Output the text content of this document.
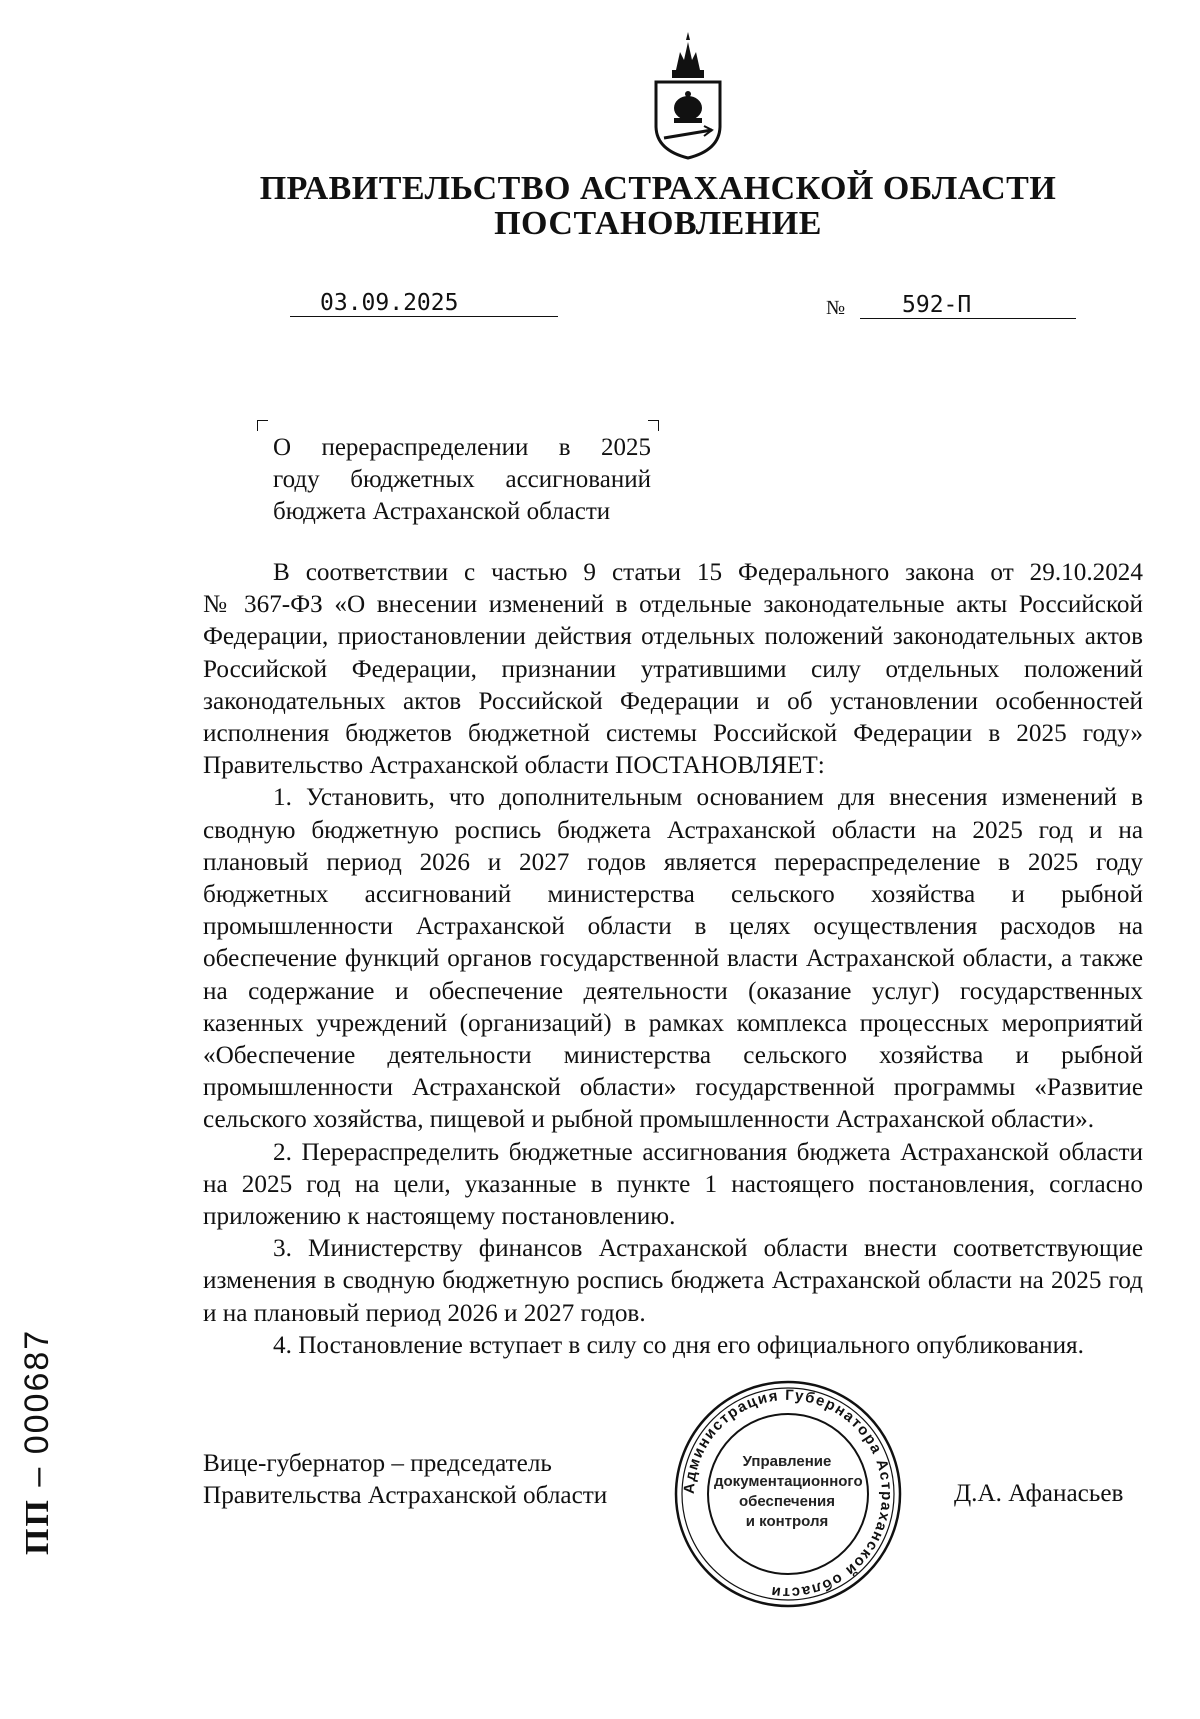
ПРАВИТЕЛЬСТВО АСТРАХАНСКОЙ ОБЛАСТИ
ПОСТАНОВЛЕНИЕ
03.09.2025	№ 592-П
О перераспределении в 2025
году бюджетных ассигнований
бюджета Астраханской области

В соответствии с частью 9 статьи 15 Федерального закона от 29.10.2024

№ 367-ФЗ «О внесении изменений в отдельные законодательные акты Российской Федерации, приостановлении действия отдельных положений законодательных актов Российской Федерации, признании утратившими силу отдельных положений законодательных актов Российской Федерации и об установлении особенностей исполнения бюджетов бюджетной системы Российской Федерации в 2025 году» Правительство Астраханской области ПОСТАНОВЛЯЕТ:

1. Установить, что дополнительным основанием для внесения изменений в сводную бюджетную роспись бюджета Астраханской области на 2025 год и на плановый период 2026 и 2027 годов является перераспределение в 2025 году бюджетных ассигнований министерства сельского хозяйства и рыбной промышленности Астраханской области в целях осуществления расходов на обеспечение функций органов государственной власти Астраханской области, а также на содержание и обеспечение деятельности (оказание услуг) государственных казенных учреждений (организаций) в рамках комплекса процессных мероприятий «Обеспечение деятельности министерства сельского хозяйства и рыбной промышленности Астраханской области» государственной программы «Развитие сельского хозяйства, пищевой и рыбной промышленности Астраханской области».

2. Перераспределить бюджетные ассигнования бюджета Астраханской области на 2025 год на цели, указанные в пункте 1 настоящего постановления, согласно приложению к настоящему постановлению.

3. Министерству финансов Астраханской области внести соответствующие изменения в сводную бюджетную роспись бюджета Астраханской области на 2025 год и на плановый период 2026 и 2027 годов.

4. Постановление вступает в силу со дня его официального опубликования.

Вице-губернатор – председатель
Правительства Астраханской области	Д.А. Афанасьев
Администрация Губернатора Астраханской области
Управление
документационного
обеспечения
и контроля
ПП – 000687
